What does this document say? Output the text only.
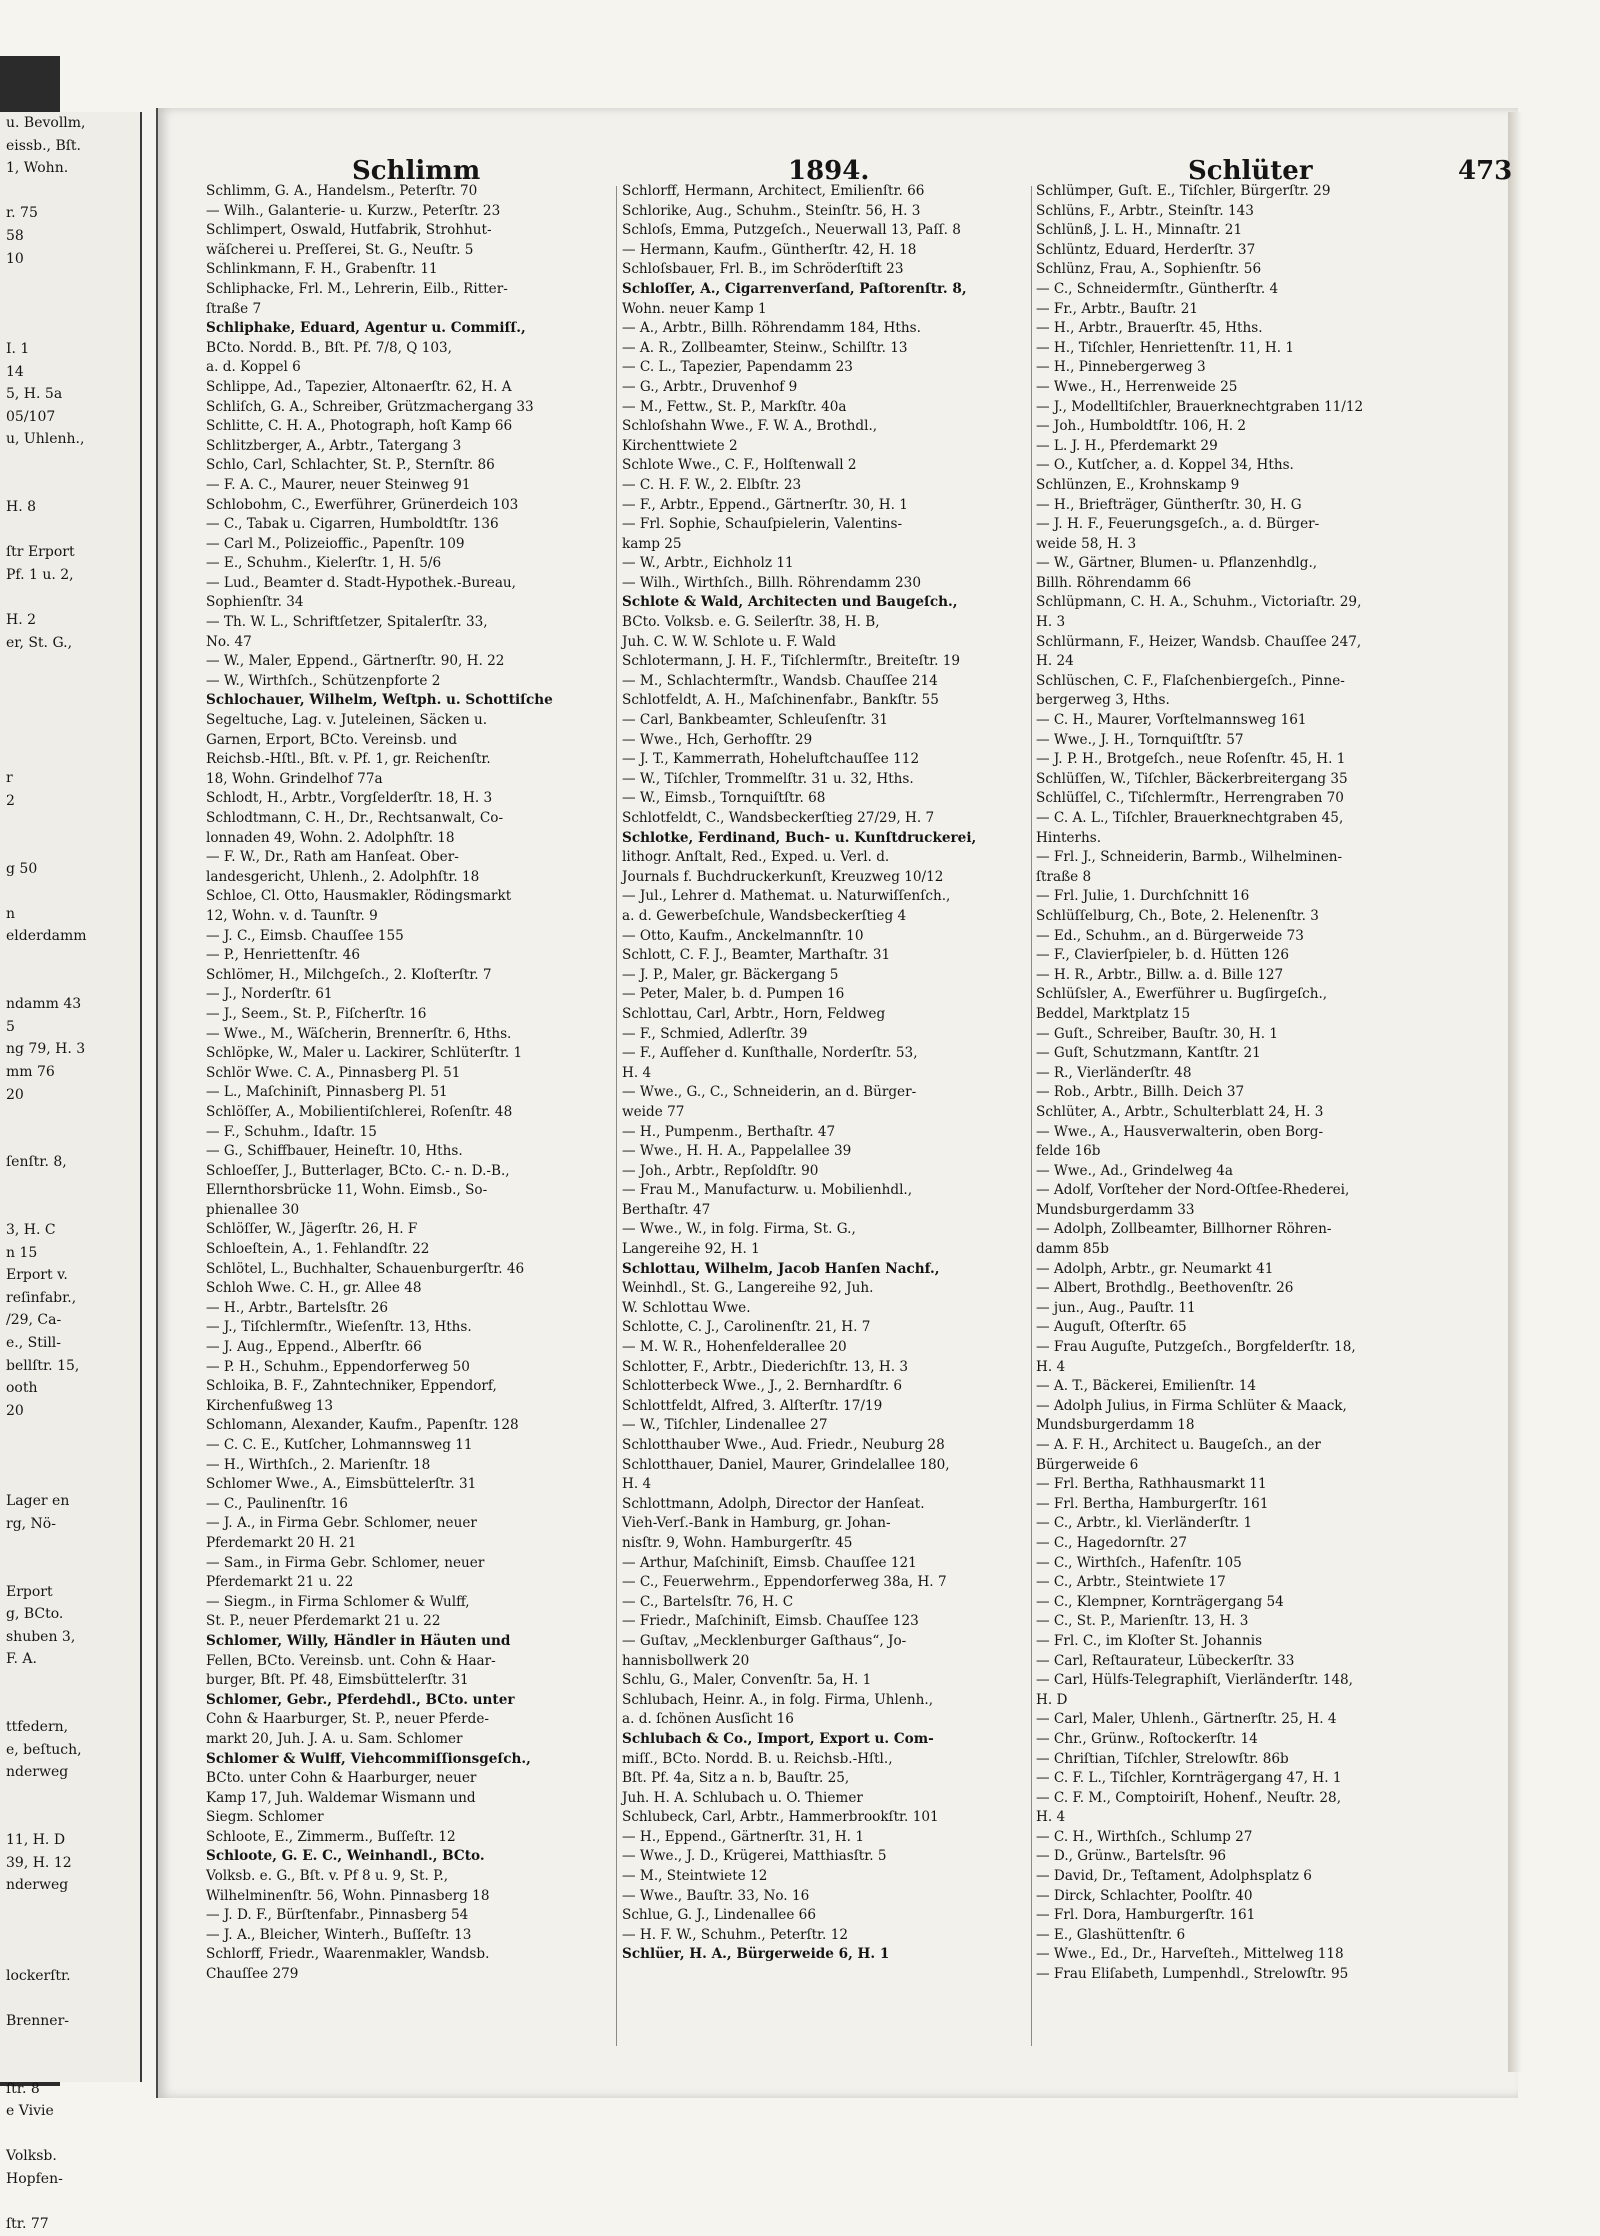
u. Bevollm,
eissb., Bſt.
1, Wohn.

r. 75
58
10

I. 1
14
5, H. 5a
05/107
u, Uhlenh.,

H. 8

ſtr Erport
Pf. 1 u. 2,

H. 2
er, St. G.,

r
2

g 50

n
elderdamm

ndamm 43
5
ng 79, H. 3
mm 76
20

ſenſtr. 8,

3, H. C
n 15
Erport v.
reſinfabr.,
/29, Ca-
e., Still-
bellſtr. 15,
ooth
20

Lager en
rg, Nö-

Erport
g, BCto.
shuben 3,
F. A.

ttfedern,
e, beſtuch,
nderweg

11, H. D
39, H. 12
nderweg

lockerſtr.

Brenner-

ſtr. 8
e Vivie

Volksb.
Hopfen-

ſtr. 77
Schlimm	1894.	Schlüter	473
Schlimm, G. A., Handelsm., Peterſtr. 70
— Wilh., Galanterie- u. Kurzw., Peterſtr. 23
Schlimpert, Oswald, Hutfabrik, Strohhut-
wäſcherei u. Preſſerei, St. G., Neuſtr. 5
Schlinkmann, F. H., Grabenſtr. 11
Schliphacke, Frl. M., Lehrerin, Eilb., Ritter-
ſtraße 7
Schliphake, Eduard, Agentur u. Commiſſ.,
BCto. Nordd. B., Bſt. Pf. 7/8, Q 103,
a. d. Koppel 6
Schlippe, Ad., Tapezier, Altonaerſtr. 62, H. A
Schliſch, G. A., Schreiber, Grützmachergang 33
Schlitte, C. H. A., Photograph, hoſt Kamp 66
Schlitzberger, A., Arbtr., Tatergang 3
Schlo, Carl, Schlachter, St. P., Sternſtr. 86
— F. A. C., Maurer, neuer Steinweg 91
Schlobohm, C., Ewerführer, Grünerdeich 103
— C., Tabak u. Cigarren, Humboldtſtr. 136
— Carl M., Polizeioffic., Papenſtr. 109
— E., Schuhm., Kielerſtr. 1, H. 5/6
— Lud., Beamter d. Stadt-Hypothek.-Bureau,
Sophienſtr. 34
— Th. W. L., Schriftſetzer, Spitalerſtr. 33,
No. 47
— W., Maler, Eppend., Gärtnerſtr. 90, H. 22
— W., Wirthſch., Schützenpforte 2
Schlochauer, Wilhelm, Weſtph. u. Schottiſche
Segeltuche, Lag. v. Juteleinen, Säcken u.
Garnen, Erport, BCto. Vereinsb. und
Reichsb.-Hſtl., Bſt. v. Pf. 1, gr. Reichenſtr.
18, Wohn. Grindelhof 77a
Schlodt, H., Arbtr., Vorgſelderſtr. 18, H. 3
Schlodtmann, C. H., Dr., Rechtsanwalt, Co-
lonnaden 49, Wohn. 2. Adolphſtr. 18
— F. W., Dr., Rath am Hanſeat. Ober-
landesgericht, Uhlenh., 2. Adolphſtr. 18
Schloe, Cl. Otto, Hausmakler, Rödingsmarkt
12, Wohn. v. d. Taunſtr. 9
— J. C., Eimsb. Chauſſee 155
— P., Henriettenſtr. 46
Schlömer, H., Milchgeſch., 2. Kloſterſtr. 7
— J., Norderſtr. 61
— J., Seem., St. P., Fiſcherſtr. 16
— Wwe., M., Wäſcherin, Brennerſtr. 6, Hths.
Schlöpke, W., Maler u. Lackirer, Schlüterſtr. 1
Schlör Wwe. C. A., Pinnasberg Pl. 51
— L., Maſchiniſt, Pinnasberg Pl. 51
Schlöſſer, A., Mobilientiſchlerei, Roſenſtr. 48
— F., Schuhm., Idaſtr. 15
— G., Schiffbauer, Heineſtr. 10, Hths.
Schloeſſer, J., Butterlager, BCto. C.- n. D.-B.,
Ellernthorsbrücke 11, Wohn. Eimsb., So-
phienallee 30
Schlöſſer, W., Jägerſtr. 26, H. F
Schloeſtein, A., 1. Fehlandſtr. 22
Schlötel, L., Buchhalter, Schauenburgerſtr. 46
Schloh Wwe. C. H., gr. Allee 48
— H., Arbtr., Bartelsſtr. 26
— J., Tiſchlermſtr., Wieſenſtr. 13, Hths.
— J. Aug., Eppend., Alberſtr. 66
— P. H., Schuhm., Eppendorferweg 50
Schloika, B. F., Zahntechniker, Eppendorf,
Kirchenfußweg 13
Schlomann, Alexander, Kaufm., Papenſtr. 128
— C. C. E., Kutſcher, Lohmannsweg 11
— H., Wirthſch., 2. Marienſtr. 18
Schlomer Wwe., A., Eimsbüttelerſtr. 31
— C., Paulinenſtr. 16
— J. A., in Firma Gebr. Schlomer, neuer
Pferdemarkt 20 H. 21
— Sam., in Firma Gebr. Schlomer, neuer
Pferdemarkt 21 u. 22
— Siegm., in Firma Schlomer & Wulff,
St. P., neuer Pferdemarkt 21 u. 22
Schlomer, Willy, Händler in Häuten und
Fellen, BCto. Vereinsb. unt. Cohn & Haar-
burger, Bſt. Pf. 48, Eimsbüttelerſtr. 31
Schlomer, Gebr., Pferdehdl., BCto. unter
Cohn & Haarburger, St. P., neuer Pferde-
markt 20, Juh. J. A. u. Sam. Schlomer
Schlomer & Wulff, Viehcommiſſionsgeſch.,
BCto. unter Cohn & Haarburger, neuer
Kamp 17, Juh. Waldemar Wismann und
Siegm. Schlomer
Schloote, E., Zimmerm., Buſſeſtr. 12
Schloote, G. E. C., Weinhandl., BCto.
Volksb. e. G., Bſt. v. Pf 8 u. 9, St. P.,
Wilhelminenſtr. 56, Wohn. Pinnasberg 18
— J. D. F., Bürſtenfabr., Pinnasberg 54
— J. A., Bleicher, Winterh., Buſſeſtr. 13
Schlorff, Friedr., Waarenmakler, Wandsb.
Chauſſee 279
Schlorff, Hermann, Architect, Emilienſtr. 66
Schlorike, Aug., Schuhm., Steinſtr. 56, H. 3
Schloſs, Emma, Putzgeſch., Neuerwall 13, Paſſ. 8
— Hermann, Kaufm., Güntherſtr. 42, H. 18
Schloſsbauer, Frl. B., im Schröderſtift 23
Schloſſer, A., Cigarrenverſand, Paſtorenſtr. 8,
Wohn. neuer Kamp 1
— A., Arbtr., Billh. Röhrendamm 184, Hths.
— A. R., Zollbeamter, Steinw., Schilſtr. 13
— C. L., Tapezier, Papendamm 23
— G., Arbtr., Druvenhof 9
— M., Fettw., St. P., Markſtr. 40a
Schloſshahn Wwe., F. W. A., Brothdl.,
Kirchenttwiete 2
Schlote Wwe., C. F., Holſtenwall 2
— C. H. F. W., 2. Elbſtr. 23
— F., Arbtr., Eppend., Gärtnerſtr. 30, H. 1
— Frl. Sophie, Schauſpielerin, Valentins-
kamp 25
— W., Arbtr., Eichholz 11
— Wilh., Wirthſch., Billh. Röhrendamm 230
Schlote & Wald, Architecten und Baugeſch.,
BCto. Volksb. e. G. Seilerſtr. 38, H. B,
Juh. C. W. W. Schlote u. F. Wald
Schlotermann, J. H. F., Tiſchlermſtr., Breiteſtr. 19
— M., Schlachtermſtr., Wandsb. Chauſſee 214
Schlotfeldt, A. H., Maſchinenfabr., Bankſtr. 55
— Carl, Bankbeamter, Schleuſenſtr. 31
— Wwe., Hch, Gerhofſtr. 29
— J. T., Kammerrath, Hoheluftchauſſee 112
— W., Tiſchler, Trommelſtr. 31 u. 32, Hths.
— W., Eimsb., Tornquiſtſtr. 68
Schlotfeldt, C., Wandsbeckerſtieg 27/29, H. 7
Schlotke, Ferdinand, Buch- u. Kunſtdruckerei,
lithogr. Anſtalt, Red., Exped. u. Verl. d.
Journals f. Buchdruckerkunſt, Kreuzweg 10/12
— Jul., Lehrer d. Mathemat. u. Naturwiſſenſch.,
a. d. Gewerbeſchule, Wandsbeckerſtieg 4
— Otto, Kaufm., Anckelmannſtr. 10
Schlott, C. F. J., Beamter, Marthaſtr. 31
— J. P., Maler, gr. Bäckergang 5
— Peter, Maler, b. d. Pumpen 16
Schlottau, Carl, Arbtr., Horn, Feldweg
— F., Schmied, Adlerſtr. 39
— F., Aufſeher d. Kunſthalle, Norderſtr. 53,
H. 4
— Wwe., G., C., Schneiderin, an d. Bürger-
weide 77
— H., Pumpenm., Berthaſtr. 47
— Wwe., H. H. A., Pappelallee 39
— Joh., Arbtr., Repſoldſtr. 90
— Frau M., Manufacturw. u. Mobilienhdl.,
Berthaſtr. 47
— Wwe., W., in folg. Firma, St. G.,
Langereihe 92, H. 1
Schlottau, Wilhelm, Jacob Hanſen Nachf.,
Weinhdl., St. G., Langereihe 92, Juh.
W. Schlottau Wwe.
Schlotte, C. J., Carolinenſtr. 21, H. 7
— M. W. R., Hohenfelderallee 20
Schlotter, F., Arbtr., Diederichſtr. 13, H. 3
Schlotterbeck Wwe., J., 2. Bernhardſtr. 6
Schlottfeldt, Alfred, 3. Alſterſtr. 17/19
— W., Tiſchler, Lindenallee 27
Schlotthauber Wwe., Aud. Friedr., Neuburg 28
Schlotthauer, Daniel, Maurer, Grindelallee 180,
H. 4
Schlottmann, Adolph, Director der Hanſeat.
Vieh-Verſ.-Bank in Hamburg, gr. Johan-
nisſtr. 9, Wohn. Hamburgerſtr. 45
— Arthur, Maſchiniſt, Eimsb. Chauſſee 121
— C., Feuerwehrm., Eppendorferweg 38a, H. 7
— C., Bartelsſtr. 76, H. C
— Friedr., Maſchiniſt, Eimsb. Chauſſee 123
— Guſtav, „Mecklenburger Gaſthaus“, Jo-
hannisbollwerk 20
Schlu, G., Maler, Convenſtr. 5a, H. 1
Schlubach, Heinr. A., in folg. Firma, Uhlenh.,
a. d. ſchönen Ausſicht 16
Schlubach & Co., Import, Export u. Com-
miſſ., BCto. Nordd. B. u. Reichsb.-Hſtl.,
Bſt. Pf. 4a, Sitz a n. b, Bauſtr. 25,
Juh. H. A. Schlubach u. O. Thiemer
Schlubeck, Carl, Arbtr., Hammerbrookſtr. 101
— H., Eppend., Gärtnerſtr. 31, H. 1
— Wwe., J. D., Krügerei, Matthiasſtr. 5
— M., Steintwiete 12
— Wwe., Bauſtr. 33, No. 16
Schlue, G. J., Lindenallee 66
— H. F. W., Schuhm., Peterſtr. 12
Schlüer, H. A., Bürgerweide 6, H. 1
Schlümper, Guſt. E., Tiſchler, Bürgerſtr. 29
Schlüns, F., Arbtr., Steinſtr. 143
Schlünß, J. L. H., Minnaſtr. 21
Schlüntz, Eduard, Herderſtr. 37
Schlünz, Frau, A., Sophienſtr. 56
— C., Schneidermſtr., Güntherſtr. 4
— Fr., Arbtr., Bauſtr. 21
— H., Arbtr., Brauerſtr. 45, Hths.
— H., Tiſchler, Henriettenſtr. 11, H. 1
— H., Pinnebergerweg 3
— Wwe., H., Herrenweide 25
— J., Modelltiſchler, Brauerknechtgraben 11/12
— Joh., Humboldtſtr. 106, H. 2
— L. J. H., Pferdemarkt 29
— O., Kutſcher, a. d. Koppel 34, Hths.
Schlünzen, E., Krohnskamp 9
— H., Briefträger, Güntherſtr. 30, H. G
— J. H. F., Feuerungsgeſch., a. d. Bürger-
weide 58, H. 3
— W., Gärtner, Blumen- u. Pflanzenhdlg.,
Billh. Röhrendamm 66
Schlüpmann, C. H. A., Schuhm., Victoriaſtr. 29,
H. 3
Schlürmann, F., Heizer, Wandsb. Chauſſee 247,
H. 24
Schlüschen, C. F., Flaſchenbiergeſch., Pinne-
bergerweg 3, Hths.
— C. H., Maurer, Vorſtelmannsweg 161
— Wwe., J. H., Tornquiſtſtr. 57
— J. P. H., Brotgeſch., neue Roſenſtr. 45, H. 1
Schlüſſen, W., Tiſchler, Bäckerbreitergang 35
Schlüſſel, C., Tiſchlermſtr., Herrengraben 70
— C. A. L., Tiſchler, Brauerknechtgraben 45,
Hinterhs.
— Frl. J., Schneiderin, Barmb., Wilhelminen-
ſtraße 8
— Frl. Julie, 1. Durchſchnitt 16
Schlüſſelburg, Ch., Bote, 2. Helenenſtr. 3
— Ed., Schuhm., an d. Bürgerweide 73
— F., Clavierſpieler, b. d. Hütten 126
— H. R., Arbtr., Billw. a. d. Bille 127
Schlüſsler, A., Ewerführer u. Bugſirgeſch.,
Beddel, Marktplatz 15
— Guſt., Schreiber, Bauſtr. 30, H. 1
— Guſt, Schutzmann, Kantſtr. 21
— R., Vierländerſtr. 48
— Rob., Arbtr., Billh. Deich 37
Schlüter, A., Arbtr., Schulterblatt 24, H. 3
— Wwe., A., Hausverwalterin, oben Borg-
felde 16b
— Wwe., Ad., Grindelweg 4a
— Adolf, Vorſteher der Nord-Oſtſee-Rhederei,
Mundsburgerdamm 33
— Adolph, Zollbeamter, Billhorner Röhren-
damm 85b
— Adolph, Arbtr., gr. Neumarkt 41
— Albert, Brothdlg., Beethovenſtr. 26
— jun., Aug., Pauſtr. 11
— Auguſt, Oſterſtr. 65
— Frau Auguſte, Putzgeſch., Borgfelderſtr. 18,
H. 4
— A. T., Bäckerei, Emilienſtr. 14
— Adolph Julius, in Firma Schlüter & Maack,
Mundsburgerdamm 18
— A. F. H., Architect u. Baugeſch., an der
Bürgerweide 6
— Frl. Bertha, Rathhausmarkt 11
— Frl. Bertha, Hamburgerſtr. 161
— C., Arbtr., kl. Vierländerſtr. 1
— C., Hagedornſtr. 27
— C., Wirthſch., Hafenſtr. 105
— C., Arbtr., Steintwiete 17
— C., Klempner, Kornträgergang 54
— C., St. P., Marienſtr. 13, H. 3
— Frl. C., im Kloſter St. Johannis
— Carl, Reſtaurateur, Lübeckerſtr. 33
— Carl, Hülfs-Telegraphiſt, Vierländerſtr. 148,
H. D
— Carl, Maler, Uhlenh., Gärtnerſtr. 25, H. 4
— Chr., Grünw., Roſtockerſtr. 14
— Chriſtian, Tiſchler, Strelowſtr. 86b
— C. F. L., Tiſchler, Kornträgergang 47, H. 1
— C. F. M., Comptoiriſt, Hohenf., Neuſtr. 28,
H. 4
— C. H., Wirthſch., Schlump 27
— D., Grünw., Bartelsſtr. 96
— David, Dr., Teſtament, Adolphsplatz 6
— Dirck, Schlachter, Poolſtr. 40
— Frl. Dora, Hamburgerſtr. 161
— E., Glashüttenſtr. 6
— Wwe., Ed., Dr., Harveſteh., Mittelweg 118
— Frau Eliſabeth, Lumpenhdl., Strelowſtr. 95
